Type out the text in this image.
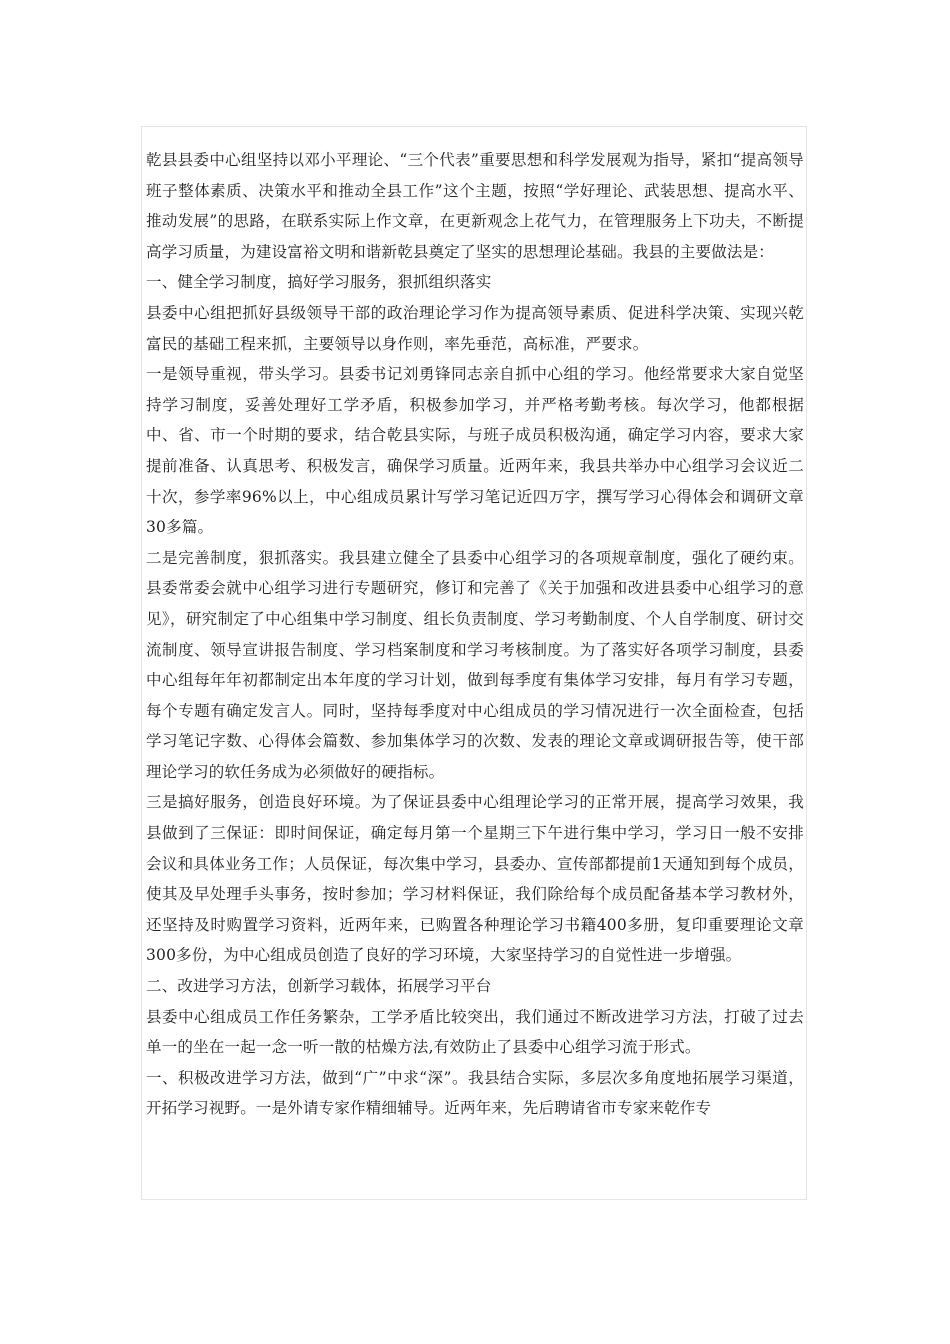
乾县县委中心组坚持以邓小平理论、“三个代表”重要思想和科学发展观为指导，紧扣“提高领导班子整体素质、决策水平和推动全县工作”这个主题，按照“学好理论、武装思想、提高水平、推动发展”的思路，在联系实际上作文章，在更新观念上花气力，在管理服务上下功夫，不断提高学习质量，为建设富裕文明和谐新乾县奠定了坚实的思想理论基础。我县的主要做法是：

一、健全学习制度，搞好学习服务，狠抓组织落实

县委中心组把抓好县级领导干部的政治理论学习作为提高领导素质、促进科学决策、实现兴乾富民的基础工程来抓，主要领导以身作则，率先垂范，高标准，严要求。

一是领导重视，带头学习。县委书记刘勇锋同志亲自抓中心组的学习。他经常要求大家自觉坚持学习制度，妥善处理好工学矛盾，积极参加学习，并严格考勤考核。每次学习，他都根据中、省、市一个时期的要求，结合乾县实际，与班子成员积极沟通，确定学习内容，要求大家提前准备、认真思考、积极发言，确保学习质量。近两年来，我县共举办中心组学习会议近二十次，参学率96%以上，中心组成员累计写学习笔记近四万字，撰写学习心得体会和调研文章30多篇。

二是完善制度，狠抓落实。我县建立健全了县委中心组学习的各项规章制度，强化了硬约束。县委常委会就中心组学习进行专题研究，修订和完善了《关于加强和改进县委中心组学习的意见》，研究制定了中心组集中学习制度、组长负责制度、学习考勤制度、个人自学制度、研讨交流制度、领导宣讲报告制度、学习档案制度和学习考核制度。为了落实好各项学习制度，县委中心组每年年初都制定出本年度的学习计划，做到每季度有集体学习安排，每月有学习专题，每个专题有确定发言人。同时，坚持每季度对中心组成员的学习情况进行一次全面检查，包括学习笔记字数、心得体会篇数、参加集体学习的次数、发表的理论文章或调研报告等，使干部理论学习的软任务成为必须做好的硬指标。

三是搞好服务，创造良好环境。为了保证县委中心组理论学习的正常开展，提高学习效果，我县做到了三保证：即时间保证，确定每月第一个星期三下午进行集中学习，学习日一般不安排会议和具体业务工作；人员保证，每次集中学习，县委办、宣传部都提前1天通知到每个成员，使其及早处理手头事务，按时参加；学习材料保证，我们除给每个成员配备基本学习教材外，还坚持及时购置学习资料，近两年来，已购置各种理论学习书籍400多册，复印重要理论文章 300多份，为中心组成员创造了良好的学习环境，大家坚持学习的自觉性进一步增强。

二、改进学习方法，创新学习载体，拓展学习平台

县委中心组成员工作任务繁杂，工学矛盾比较突出，我们通过不断改进学习方法，打破了过去单一的坐在一起一念一听一散的枯燥方法,有效防止了县委中心组学习流于形式。

一、积极改进学习方法，做到“广”中求“深”。我县结合实际，多层次多角度地拓展学习渠道，开拓学习视野。一是外请专家作精细辅导。近两年来，先后聘请省市专家来乾作专
